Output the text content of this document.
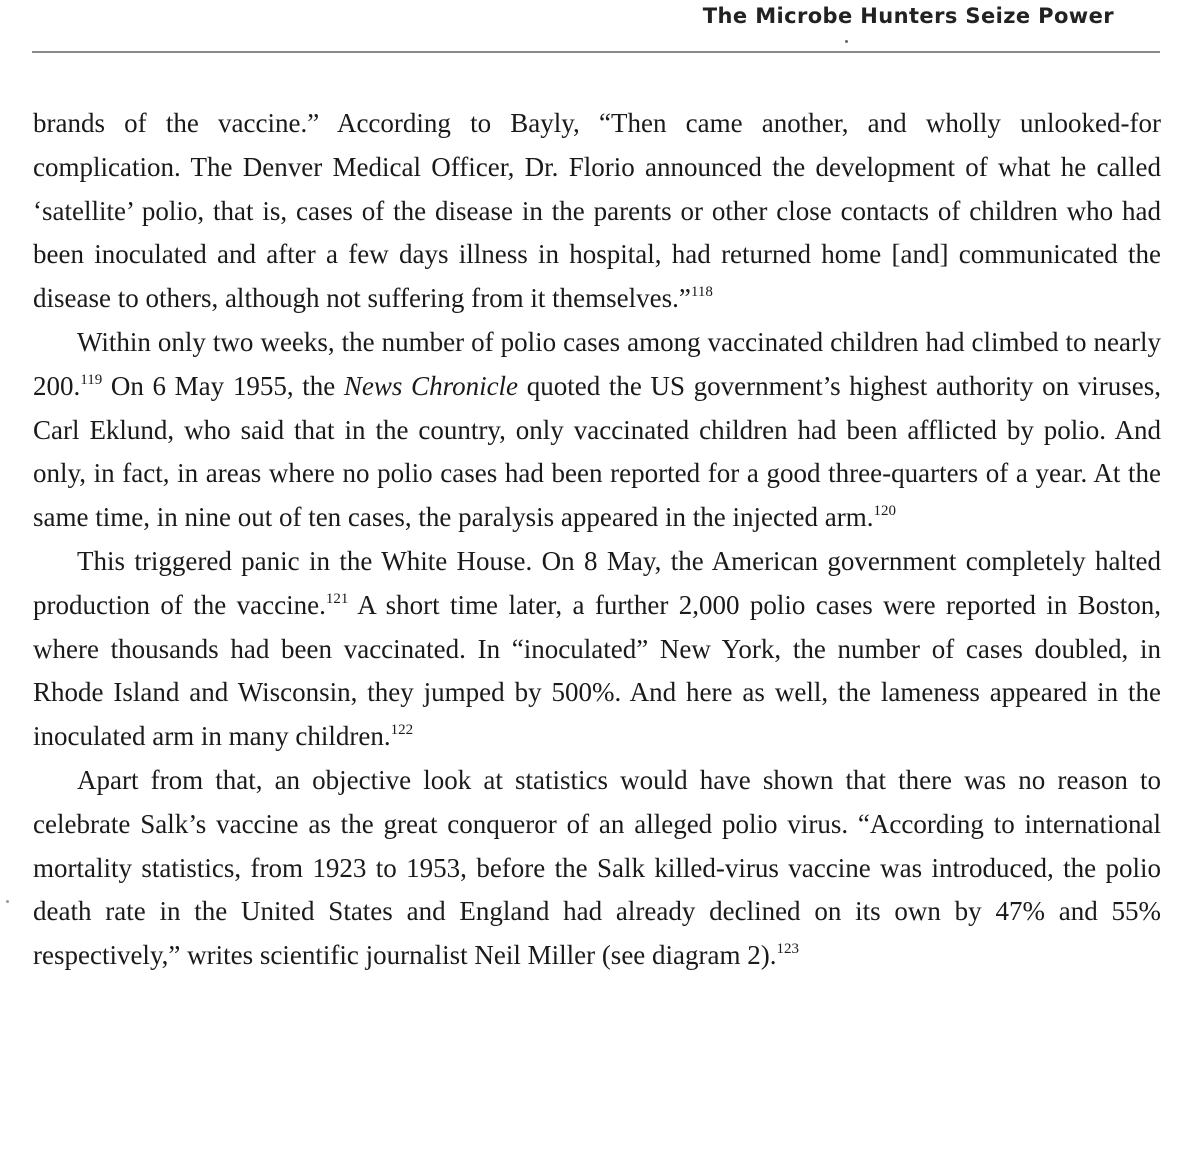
The Microbe Hunters Seize Power

brands of the vaccine.” According to Bayly, “Then came another, and wholly unlooked-for complication. The Denver Medical Officer, Dr. Florio announced the development of what he called ‘satellite’ polio, that is, cases of the disease in the parents or other close contacts of children who had been inoculated and after a few days illness in hospital, had returned home [and] communicated the disease to others, although not suffering from it themselves.”$^{118}$

Within only two weeks, the number of polio cases among vaccinated children had climbed to nearly 200.$^{119}$ On 6 May 1955, the News Chronicle quoted the US government’s highest authority on viruses, Carl Eklund, who said that in the country, only vaccinated children had been afflicted by polio. And only, in fact, in areas where no polio cases had been reported for a good three-quarters of a year. At the same time, in nine out of ten cases, the paralysis appeared in the injected arm.$^{120}$

This triggered panic in the White House. On 8 May, the American government completely halted production of the vaccine.$^{121}$ A short time later, a further 2,000 polio cases were reported in Boston, where thousands had been vaccinated. In “inoculated” New York, the number of cases doubled, in Rhode Island and Wisconsin, they jumped by 500%. And here as well, the lameness appeared in the inoculated arm in many children.$^{122}$

Apart from that, an objective look at statistics would have shown that there was no reason to celebrate Salk’s vaccine as the great conqueror of an alleged polio virus. “According to international mortality statistics, from 1923 to 1953, before the Salk killed-virus vaccine was introduced, the polio death rate in the United States and England had already declined on its own by 47% and 55% respectively,” writes scientific journalist Neil Miller (see diagram 2).$^{123}$
